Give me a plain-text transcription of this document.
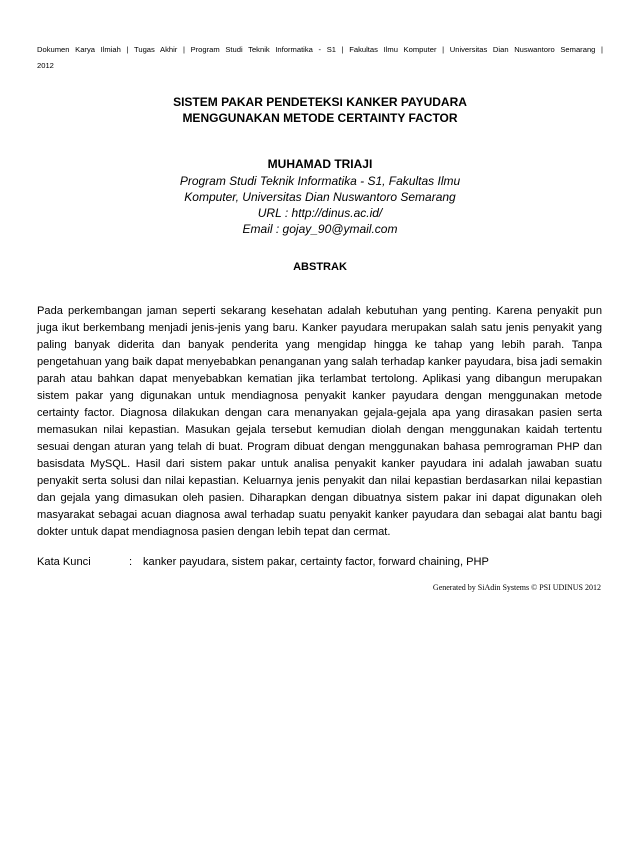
Dokumen Karya Ilmiah | Tugas Akhir | Program Studi Teknik Informatika - S1 | Fakultas Ilmu Komputer | Universitas Dian Nuswantoro Semarang |
2012
SISTEM PAKAR PENDETEKSI KANKER PAYUDARA
MENGGUNAKAN METODE CERTAINTY FACTOR
MUHAMAD TRIAJI
Program Studi Teknik Informatika - S1, Fakultas Ilmu
Komputer, Universitas Dian Nuswantoro Semarang
URL : http://dinus.ac.id/
Email : gojay_90@ymail.com
ABSTRAK

Pada perkembangan jaman seperti sekarang kesehatan adalah kebutuhan yang penting. Karena penyakit pun juga ikut berkembang menjadi jenis-jenis yang baru. Kanker payudara merupakan salah satu jenis penyakit yang paling banyak diderita dan banyak penderita yang mengidap hingga ke tahap yang lebih parah. Tanpa pengetahuan yang baik dapat menyebabkan penanganan yang salah terhadap kanker payudara, bisa jadi semakin parah atau bahkan dapat menyebabkan kematian jika terlambat tertolong. Aplikasi yang dibangun merupakan sistem pakar yang digunakan untuk mendiagnosa penyakit kanker payudara dengan menggunakan metode certainty factor. Diagnosa dilakukan dengan cara menanyakan gejala-gejala apa yang dirasakan pasien serta memasukan nilai kepastian. Masukan gejala tersebut kemudian diolah dengan menggunakan kaidah tertentu sesuai dengan aturan yang telah di buat. Program dibuat dengan menggunakan bahasa pemrograman PHP dan basisdata MySQL. Hasil dari sistem pakar untuk analisa penyakit kanker payudara ini adalah jawaban suatu penyakit serta solusi dan nilai kepastian. Keluarnya jenis penyakit dan nilai kepastian berdasarkan nilai kepastian dan gejala yang dimasukan oleh pasien. Diharapkan dengan dibuatnya sistem pakar ini dapat digunakan oleh masyarakat sebagai acuan diagnosa awal terhadap suatu penyakit kanker payudara dan sebagai alat bantu bagi dokter untuk dapat mendiagnosa pasien dengan lebih tepat dan cermat.

Kata Kunci	: kanker payudara, sistem pakar, certainty factor, forward chaining, PHP
Generated by SiAdin Systems © PSI UDINUS 2012
